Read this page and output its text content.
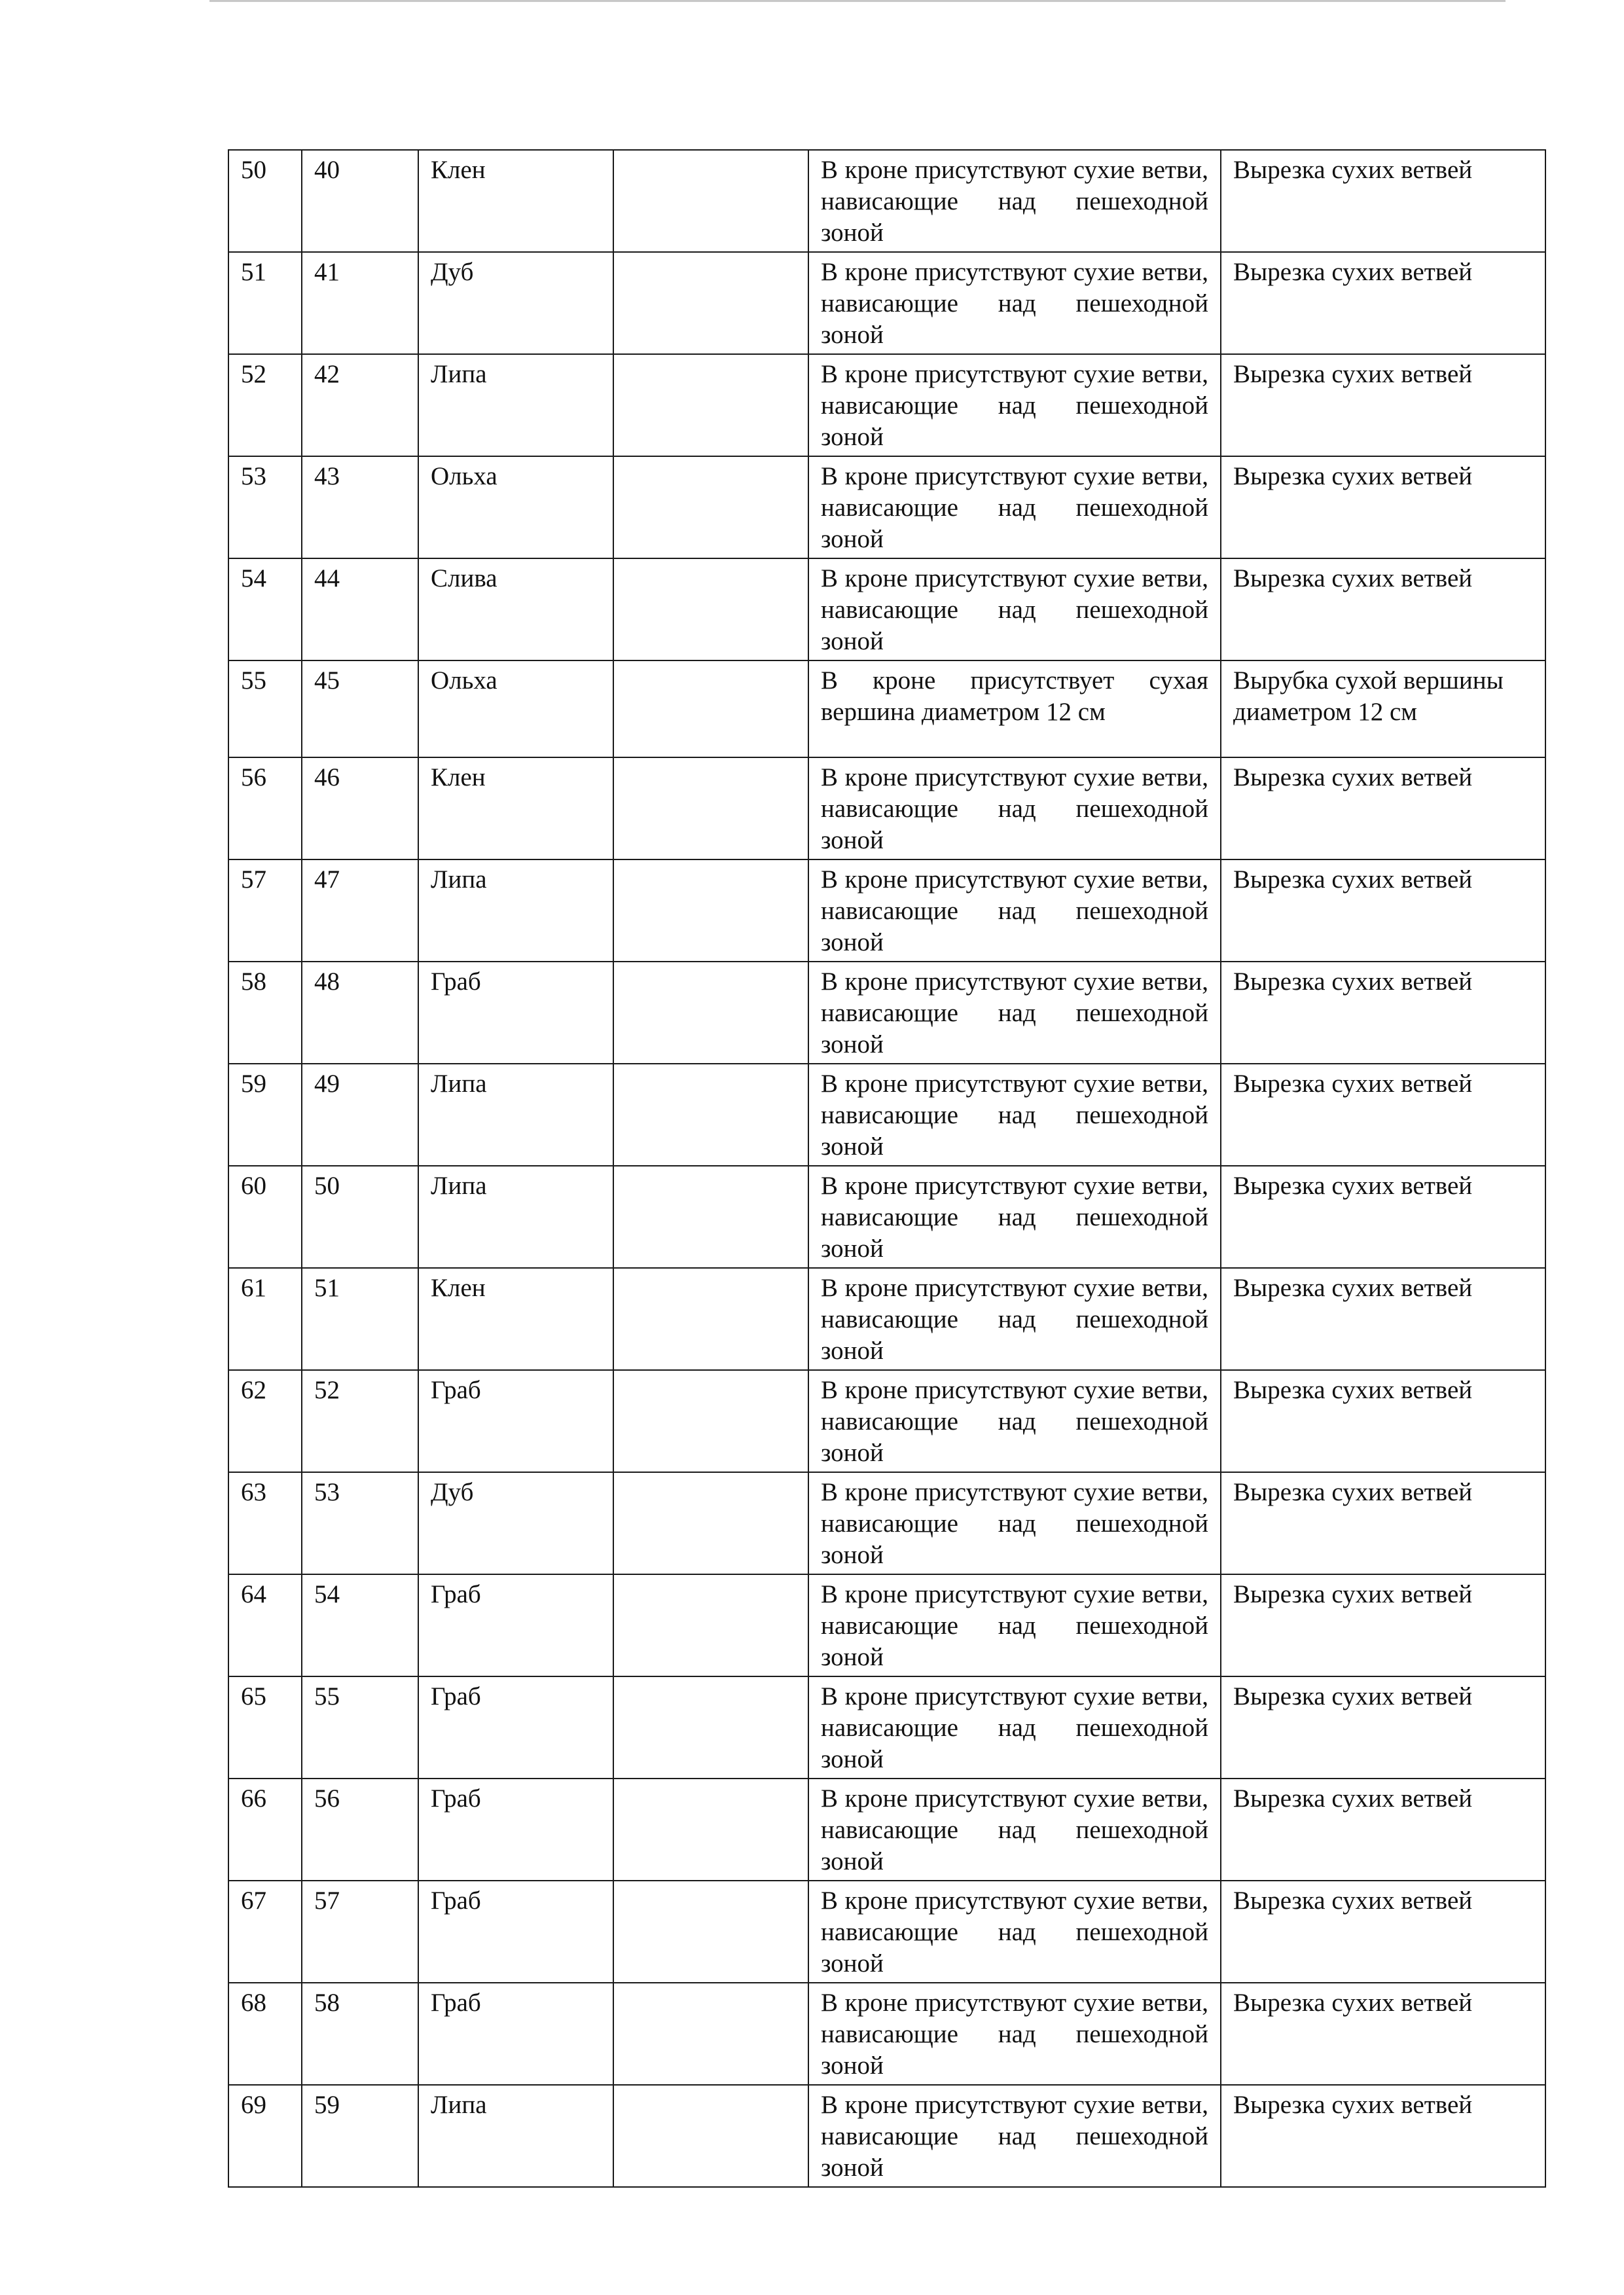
50	40	Клен		В кроне присутствуют сухие ветви, нависающие над пешеходной зоной	Вырезка сухих ветвей
51	41	Дуб		В кроне присутствуют сухие ветви, нависающие над пешеходной зоной	Вырезка сухих ветвей
52	42	Липа		В кроне присутствуют сухие ветви, нависающие над пешеходной зоной	Вырезка сухих ветвей
53	43	Ольха		В кроне присутствуют сухие ветви, нависающие над пешеходной зоной	Вырезка сухих ветвей
54	44	Слива		В кроне присутствуют сухие ветви, нависающие над пешеходной зоной	Вырезка сухих ветвей
55	45	Ольха		В кроне присутствует сухая вершина диаметром 12 см	Вырубка сухой вершины диаметром 12 см
56	46	Клен		В кроне присутствуют сухие ветви, нависающие над пешеходной зоной	Вырезка сухих ветвей
57	47	Липа		В кроне присутствуют сухие ветви, нависающие над пешеходной зоной	Вырезка сухих ветвей
58	48	Граб		В кроне присутствуют сухие ветви, нависающие над пешеходной зоной	Вырезка сухих ветвей
59	49	Липа		В кроне присутствуют сухие ветви, нависающие над пешеходной зоной	Вырезка сухих ветвей
60	50	Липа		В кроне присутствуют сухие ветви, нависающие над пешеходной зоной	Вырезка сухих ветвей
61	51	Клен		В кроне присутствуют сухие ветви, нависающие над пешеходной зоной	Вырезка сухих ветвей
62	52	Граб		В кроне присутствуют сухие ветви, нависающие над пешеходной зоной	Вырезка сухих ветвей
63	53	Дуб		В кроне присутствуют сухие ветви, нависающие над пешеходной зоной	Вырезка сухих ветвей
64	54	Граб		В кроне присутствуют сухие ветви, нависающие над пешеходной зоной	Вырезка сухих ветвей
65	55	Граб		В кроне присутствуют сухие ветви, нависающие над пешеходной зоной	Вырезка сухих ветвей
66	56	Граб		В кроне присутствуют сухие ветви, нависающие над пешеходной зоной	Вырезка сухих ветвей
67	57	Граб		В кроне присутствуют сухие ветви, нависающие над пешеходной зоной	Вырезка сухих ветвей
68	58	Граб		В кроне присутствуют сухие ветви, нависающие над пешеходной зоной	Вырезка сухих ветвей
69	59	Липа		В кроне присутствуют сухие ветви, нависающие над пешеходной зоной	Вырезка сухих ветвей
